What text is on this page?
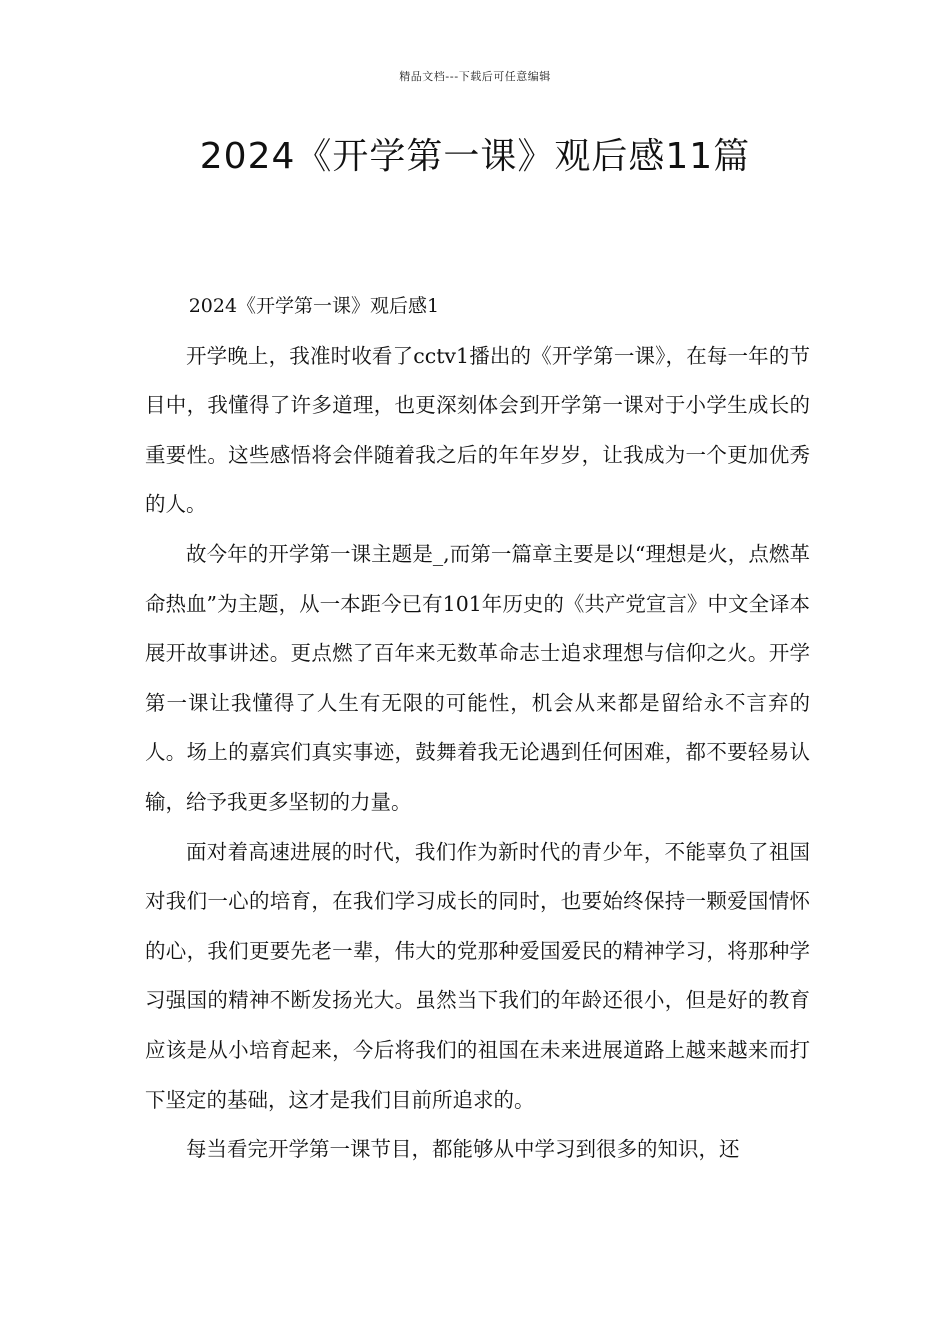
精品文档---下载后可任意编辑
2024《开学第一课》观后感11篇

2024《开学第一课》观后感1

开学晚上，我准时收看了cctv1播出的《开学第一课》，在每一年的节目中，我懂得了许多道理，也更深刻体会到开学第一课对于小学生成长的重要性。这些感悟将会伴随着我之后的年年岁岁，让我成为一个更加优秀的人。

故今年的开学第一课主题是_,而第一篇章主要是以“理想是火，点燃革命热血”为主题，从一本距今已有101年历史的《共产党宣言》中文全译本展开故事讲述。更点燃了百年来无数革命志士追求理想与信仰之火。开学第一课让我懂得了人生有无限的可能性，机会从来都是留给永不言弃的人。场上的嘉宾们真实事迹，鼓舞着我无论遇到任何困难，都不要轻易认输，给予我更多坚韧的力量。

面对着高速进展的时代，我们作为新时代的青少年，不能辜负了祖国对我们一心的培育，在我们学习成长的同时，也要始终保持一颗爱国情怀的心，我们更要先老一辈，伟大的党那种爱国爱民的精神学习，将那种学习强国的精神不断发扬光大。虽然当下我们的年龄还很小，但是好的教育应该是从小培育起来，今后将我们的祖国在未来进展道路上越来越来而打下坚定的基础，这才是我们目前所追求的。

每当看完开学第一课节目，都能够从中学习到很多的知识，还
